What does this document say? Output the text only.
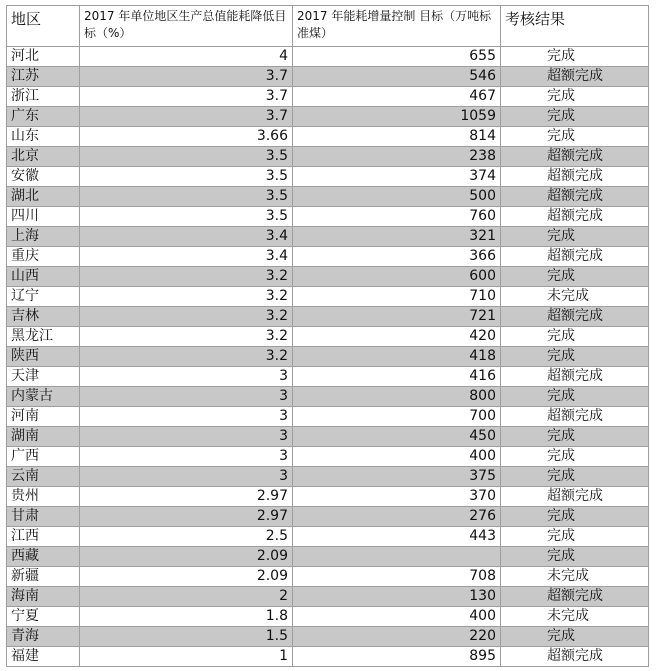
地区	2017 年单位地区生产总值能耗降低目标（%）	2017 年能耗增量控制 目标（万吨标准煤）	考核结果
河北	4	655	完成
江苏	3.7	546	超额完成
浙江	3.7	467	完成
广东	3.7	1059	完成
山东	3.66	814	完成
北京	3.5	238	超额完成
安徽	3.5	374	超额完成
湖北	3.5	500	超额完成
四川	3.5	760	超额完成
上海	3.4	321	完成
重庆	3.4	366	超额完成
山西	3.2	600	完成
辽宁	3.2	710	未完成
吉林	3.2	721	超额完成
黑龙江	3.2	420	完成
陕西	3.2	418	完成
天津	3	416	超额完成
内蒙古	3	800	完成
河南	3	700	超额完成
湖南	3	450	完成
广西	3	400	完成
云南	3	375	完成
贵州	2.97	370	超额完成
甘肃	2.97	276	完成
江西	2.5	443	完成
西藏	2.09		完成
新疆	2.09	708	未完成
海南	2	130	超额完成
宁夏	1.8	400	未完成
青海	1.5	220	完成
福建	1	895	超额完成
